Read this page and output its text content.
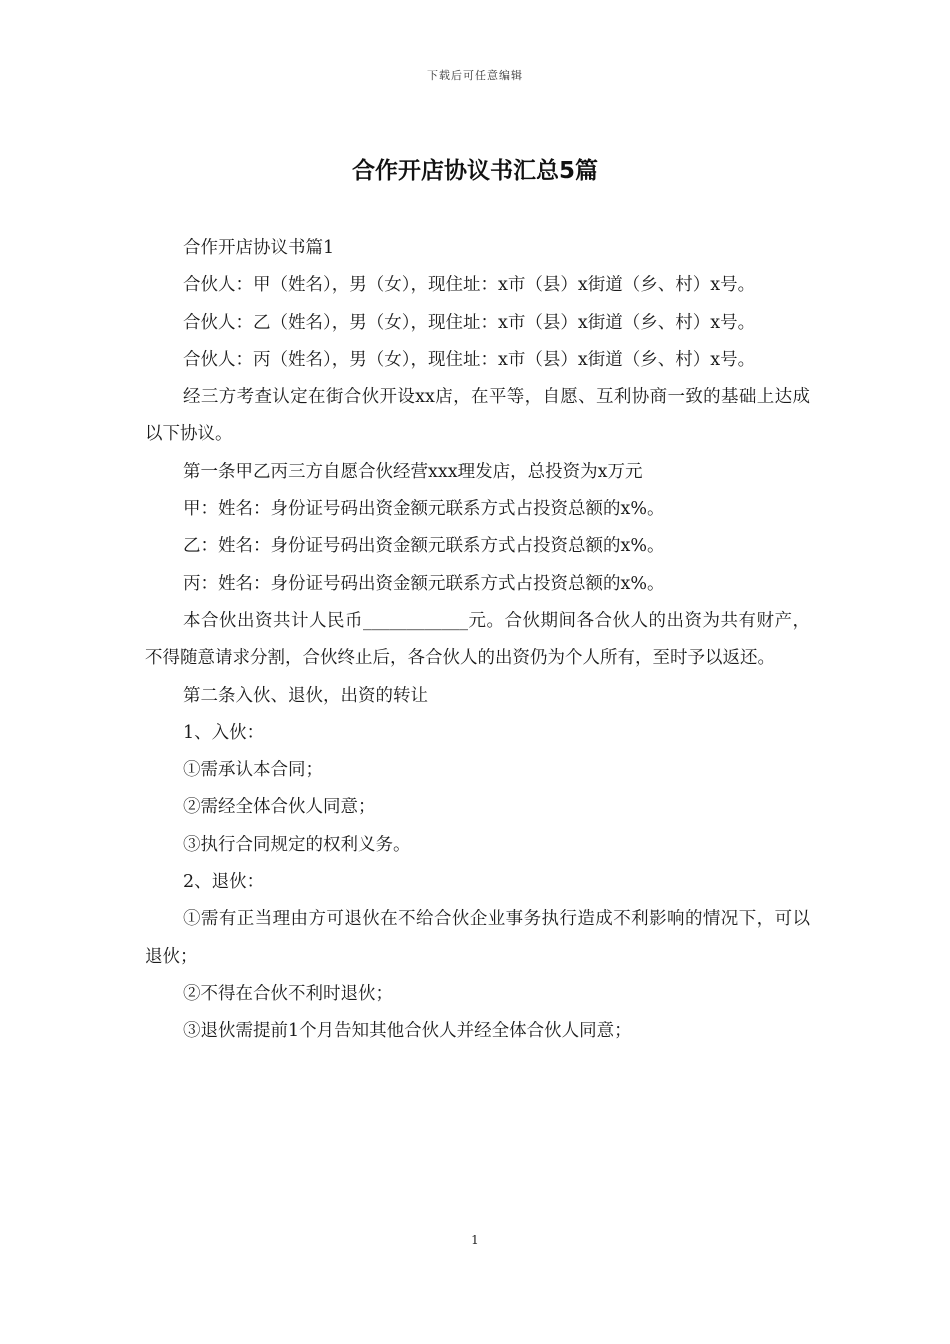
下载后可任意编辑
合作开店协议书汇总5篇

合作开店协议书篇1

合伙人：甲（姓名），男（女），现住址：x市（县）x街道（乡、村）x号。

合伙人：乙（姓名），男（女），现住址：x市（县）x街道（乡、村）x号。

合伙人：丙（姓名），男（女），现住址：x市（县）x街道（乡、村）x号。

经三方考查认定在街合伙开设xx店，在平等，自愿、互利协商一致的基础上达成以下协议。

第一条甲乙丙三方自愿合伙经营xxx理发店，总投资为x万元

甲：姓名：身份证号码出资金额元联系方式占投资总额的x%。

乙：姓名：身份证号码出资金额元联系方式占投资总额的x%。

丙：姓名：身份证号码出资金额元联系方式占投资总额的x%。

本合伙出资共计人民币____________元。合伙期间各合伙人的出资为共有财产，不得随意请求分割，合伙终止后，各合伙人的出资仍为个人所有，至时予以返还。

第二条入伙、退伙，出资的转让

1、入伙：

①需承认本合同；

②需经全体合伙人同意；

③执行合同规定的权利义务。

2、退伙：

①需有正当理由方可退伙在不给合伙企业事务执行造成不利影响的情况下，可以退伙；

②不得在合伙不利时退伙；

③退伙需提前1个月告知其他合伙人并经全体合伙人同意；

1
